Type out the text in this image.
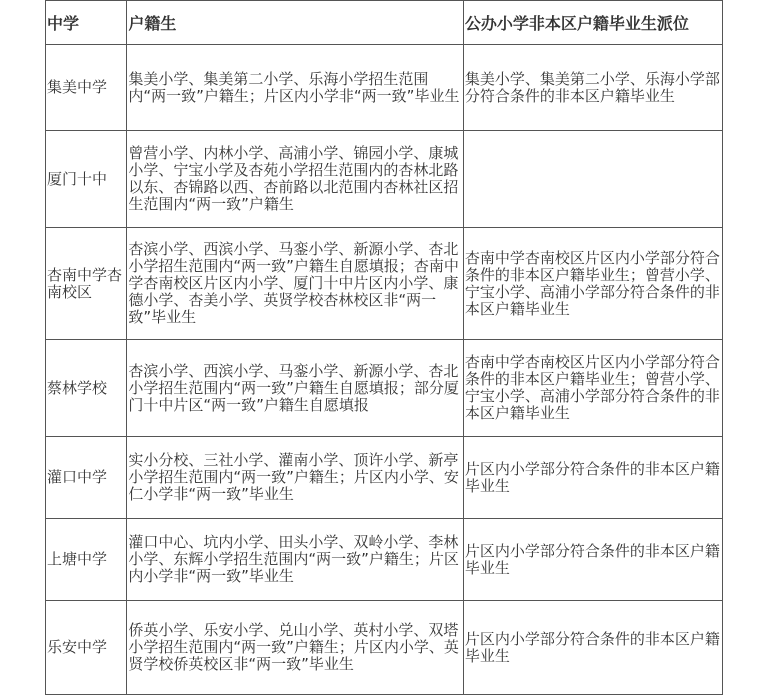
中学	户籍生	公办小学非本区户籍毕业生派位
集美中学	集美小学、集美第二小学、乐海小学招生范围内“两一致”户籍生；片区内小学非“两一致”毕业生	集美小学、集美第二小学、乐海小学部分符合条件的非本区户籍毕业生
厦门十中	曾营小学、内林小学、高浦小学、锦园小学、康城小学、宁宝小学及杏苑小学招生范围内的杏林北路以东、杏锦路以西、杏前路以北范围内杏林社区招生范围内“两一致”户籍生	
杏南中学杏南校区	杏滨小学、西滨小学、马銮小学、新源小学、杏北小学招生范围内“两一致”户籍生自愿填报；杏南中学杏南校区片区内小学、厦门十中片区内小学、康德小学、杏美小学、英贤学校杏林校区非“两一致”毕业生	杏南中学杏南校区片区内小学部分符合条件的非本区户籍毕业生；曾营小学、宁宝小学、高浦小学部分符合条件的非本区户籍毕业生
蔡林学校	杏滨小学、西滨小学、马銮小学、新源小学、杏北小学招生范围内“两一致”户籍生自愿填报；部分厦门十中片区“两一致”户籍生自愿填报	杏南中学杏南校区片区内小学部分符合条件的非本区户籍毕业生；曾营小学、宁宝小学、高浦小学部分符合条件的非本区户籍毕业生
灌口中学	实小分校、三社小学、灌南小学、顶许小学、新亭小学招生范围内“两一致”户籍生；片区内小学、安仁小学非“两一致”毕业生	片区内小学部分符合条件的非本区户籍毕业生
上塘中学	灌口中心、坑内小学、田头小学、双岭小学、李林小学、东辉小学招生范围内“两一致”户籍生；片区内小学非“两一致”毕业生	片区内小学部分符合条件的非本区户籍毕业生
乐安中学	侨英小学、乐安小学、兑山小学、英村小学、双塔小学招生范围内“两一致”户籍生；片区内小学、英贤学校侨英校区非“两一致”毕业生	片区内小学部分符合条件的非本区户籍毕业生
